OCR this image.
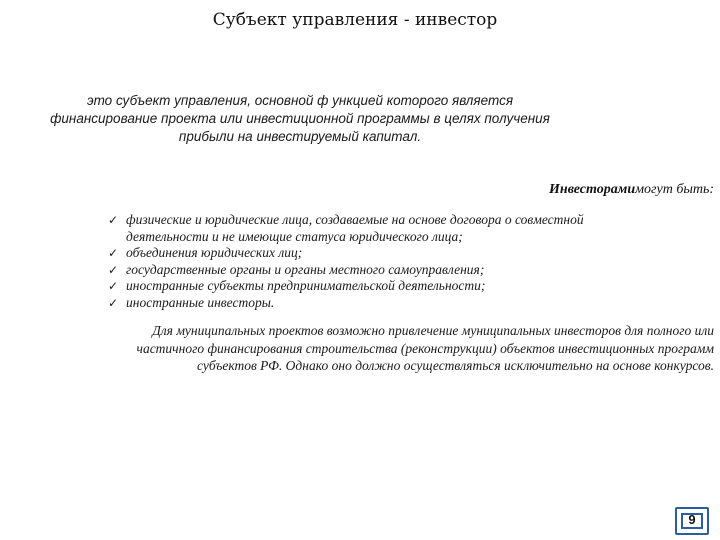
Субъект управления - инвестор
это субъект управления, основной ф ункцией которого является финансирование проекта или инвестиционной программы в целях получения прибыли на инвестируемый капитал.
Инвесторамимогут быть:
✓ физические и юридические лица, создаваемые на основе договора о совместной деятельности и не имеющие статуса юридического лица;
✓ объединения юридических лиц;
✓ государственные органы и органы местного самоуправления;
✓ иностранные субъекты предпринимательской деятельности;
✓ иностранные инвесторы.
Для муниципальных проектов возможно привлечение муниципальных инвесторов для полного или частичного финансирования строительства (реконструкции) объектов инвестиционных программ субъектов РФ. Однако оно должно осуществляться исключительно на основе конкурсов.
9
